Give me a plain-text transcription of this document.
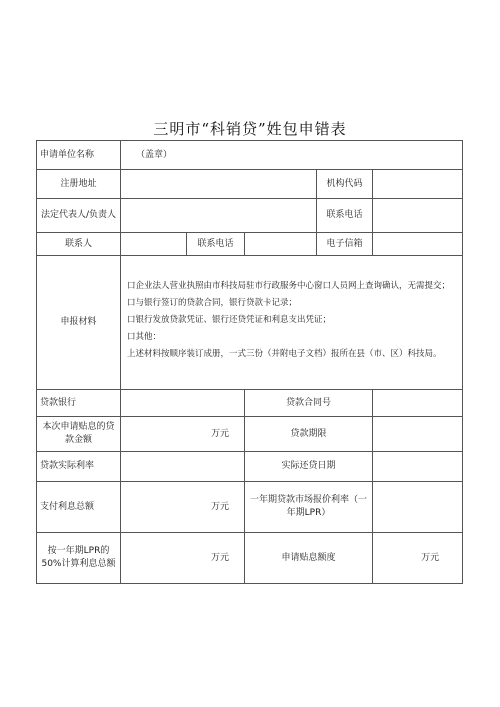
三明市“科销贷”姓包申错表
申请单位名称	（盖章）				
注册地址				机构代码	
法定代表人/负责人				联系电话	
联系人		联系电话		电子信箱	
申报材料	口企业法人营业执照由市科技局驻市行政服务中心窗口人员网上查询确认，无需提交；

口与银行签订的贷款合同，银行贷款卡记录；

口银行发放贷款凭证、银行还贷凭证和利息支出凭证；

口其他：

上述材料按顺序装订成册，一式三份（并附电子文档）报所在县（市、区）科技局。				

贷款银行			贷款合同号		
本次申请贴息的贷款金额	万元		贷款期限		
贷款实际利率			实际还贷日期		
支付利息总额	万元		一年期贷款市场报价利率（一年期LPR）		
按一年期LPR的50%计算利息总额	万元		申请贴息额度		万元
